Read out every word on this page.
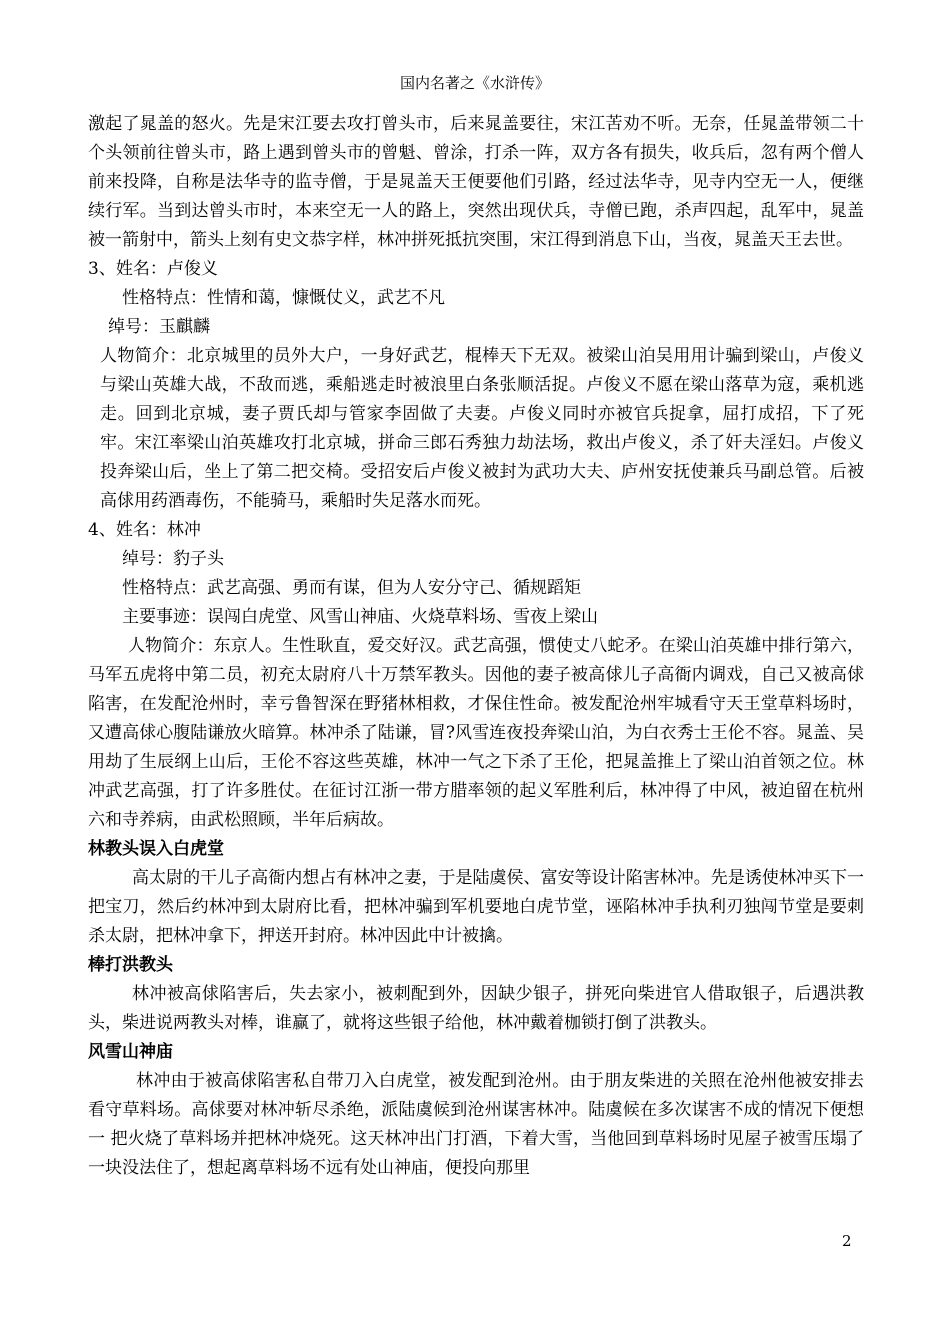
国内名著之《水浒传》

激起了晁盖的怒火。先是宋江要去攻打曾头市，后来晁盖要往，宋江苦劝不听。无奈，任晁盖带领二十个头领前往曾头市，路上遇到曾头市的曾魁、曾涂，打杀一阵，双方各有损失，收兵后，忽有两个僧人前来投降，自称是法华寺的监寺僧，于是晁盖天王便要他们引路，经过法华寺，见寺内空无一人，便继续行军。当到达曾头市时，本来空无一人的路上，突然出现伏兵，寺僧已跑，杀声四起，乱军中，晁盖被一箭射中，箭头上刻有史文恭字样，林冲拼死抵抗突围，宋江得到消息下山，当夜，晁盖天王去世。

3、姓名：卢俊义

性格特点：性情和蔼，慷慨仗义，武艺不凡

绰号：玉麒麟

人物简介：北京城里的员外大户，一身好武艺，棍棒天下无双。被梁山泊吴用用计骗到梁山，卢俊义与梁山英雄大战，不敌而逃，乘船逃走时被浪里白条张顺活捉。卢俊义不愿在梁山落草为寇，乘机逃走。回到北京城，妻子贾氏却与管家李固做了夫妻。卢俊义同时亦被官兵捉拿，屈打成招，下了死牢。宋江率梁山泊英雄攻打北京城，拼命三郎石秀独力劫法场，救出卢俊义，杀了奸夫淫妇。卢俊义投奔梁山后，坐上了第二把交椅。受招安后卢俊义被封为武功大夫、庐州安抚使兼兵马副总管。后被高俅用药酒毒伤，不能骑马，乘船时失足落水而死。

4、姓名：林冲

绰号：豹子头

性格特点：武艺高强、勇而有谋，但为人安分守己、循规蹈矩

主要事迹：误闯白虎堂、风雪山神庙、火烧草料场、雪夜上梁山

人物简介：东京人。生性耿直，爱交好汉。武艺高强，惯使丈八蛇矛。在梁山泊英雄中排行第六，马军五虎将中第二员，初充太尉府八十万禁军教头。因他的妻子被高俅儿子高衙内调戏，自己又被高俅陷害，在发配沧州时，幸亏鲁智深在野猪林相救，才保住性命。被发配沧州牢城看守天王堂草料场时，又遭高俅心腹陆谦放火暗算。林冲杀了陆谦，冒?风雪连夜投奔梁山泊，为白衣秀士王伦不容。晁盖、吴用劫了生辰纲上山后，王伦不容这些英雄，林冲一气之下杀了王伦，把晁盖推上了梁山泊首领之位。林冲武艺高强，打了许多胜仗。在征讨江浙一带方腊率领的起义军胜利后，林冲得了中风，被迫留在杭州六和寺养病，由武松照顾，半年后病故。

林教头误入白虎堂

高太尉的干儿子高衙内想占有林冲之妻，于是陆虞侯、富安等设计陷害林冲。先是诱使林冲买下一把宝刀，然后约林冲到太尉府比看，把林冲骗到军机要地白虎节堂，诬陷林冲手执利刃独闯节堂是要刺杀太尉，把林冲拿下，押送开封府。林冲因此中计被擒。

棒打洪教头

林冲被高俅陷害后，失去家小，被刺配到外，因缺少银子，拼死向柴进官人借取银子，后遇洪教头，柴进说两教头对棒，谁赢了，就将这些银子给他，林冲戴着枷锁打倒了洪教头。

风雪山神庙

林冲由于被高俅陷害私自带刀入白虎堂，被发配到沧州。由于朋友柴进的关照在沧州他被安排去看守草料场。高俅要对林冲斩尽杀绝，派陆虞候到沧州谋害林冲。陆虞候在多次谋害不成的情况下便想一 把火烧了草料场并把林冲烧死。这天林冲出门打酒，下着大雪，当他回到草料场时见屋子被雪压塌了一块没法住了，想起离草料场不远有处山神庙，便投向那里

2
